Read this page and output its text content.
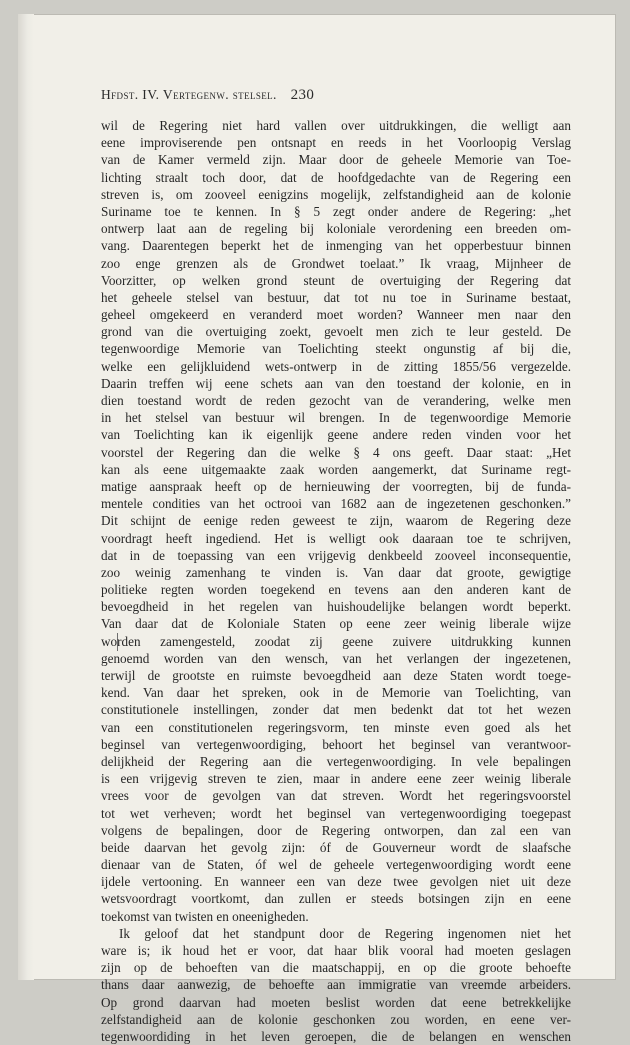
Hfdst. IV. Vertegenw. stelsel. 230
wil de Regering niet hard vallen over uitdrukkingen, die welligt aan
eene improviserende pen ontsnapt en reeds in het Voorloopig Verslag
van de Kamer vermeld zijn. Maar door de geheele Memorie van Toe-
lichting straalt toch door, dat de hoofdgedachte van de Regering een
streven is, om zooveel eenigzins mogelijk, zelfstandigheid aan de kolonie
Suriname toe te kennen. In § 5 zegt onder andere de Regering: „het
ontwerp laat aan de regeling bij koloniale verordening een breeden om-
vang. Daarentegen beperkt het de inmenging van het opperbestuur binnen
zoo enge grenzen als de Grondwet toelaat.” Ik vraag, Mijnheer de
Voorzitter, op welken grond steunt de overtuiging der Regering dat
het geheele stelsel van bestuur, dat tot nu toe in Suriname bestaat,
geheel omgekeerd en veranderd moet worden? Wanneer men naar den
grond van die overtuiging zoekt, gevoelt men zich te leur gesteld. De
tegenwoordige Memorie van Toelichting steekt ongunstig af bij die,
welke een gelijkluidend wets-ontwerp in de zitting 1855/56 vergezelde.
Daarin treffen wij eene schets aan van den toestand der kolonie, en in
dien toestand wordt de reden gezocht van de verandering, welke men
in het stelsel van bestuur wil brengen. In de tegenwoordige Memorie
van Toelichting kan ik eigenlijk geene andere reden vinden voor het
voorstel der Regering dan die welke § 4 ons geeft. Daar staat: „Het
kan als eene uitgemaakte zaak worden aangemerkt, dat Suriname regt-
matige aanspraak heeft op de hernieuwing der voorregten, bij de funda-
mentele condities van het octrooi van 1682 aan de ingezetenen geschonken.”
Dit schijnt de eenige reden geweest te zijn, waarom de Regering deze
voordragt heeft ingediend. Het is welligt ook daaraan toe te schrijven,
dat in de toepassing van een vrijgevig denkbeeld zooveel inconsequentie,
zoo weinig zamenhang te vinden is. Van daar dat groote, gewigtige
politieke regten worden toegekend en tevens aan den anderen kant de
bevoegdheid in het regelen van huishoudelijke belangen wordt beperkt.
Van daar dat de Koloniale Staten op eene zeer weinig liberale wijze
worden zamengesteld, zoodat zij geene zuivere uitdrukking kunnen
genoemd worden van den wensch, van het verlangen der ingezetenen,
terwijl de grootste en ruimste bevoegdheid aan deze Staten wordt toege-
kend. Van daar het spreken, ook in de Memorie van Toelichting, van
constitutionele instellingen, zonder dat men bedenkt dat tot het wezen
van een constitutionelen regeringsvorm, ten minste even goed als het
beginsel van vertegenwoordiging, behoort het beginsel van verantwoor-
delijkheid der Regering aan die vertegenwoordiging. In vele bepalingen
is een vrijgevig streven te zien, maar in andere eene zeer weinig liberale
vrees voor de gevolgen van dat streven. Wordt het regeringsvoorstel
tot wet verheven; wordt het beginsel van vertegenwoordiging toegepast
volgens de bepalingen, door de Regering ontworpen, dan zal een van
beide daarvan het gevolg zijn: óf de Gouverneur wordt de slaafsche
dienaar van de Staten, óf wel de geheele vertegenwoordiging wordt eene
ijdele vertooning. En wanneer een van deze twee gevolgen niet uit deze
wetsvoordragt voortkomt, dan zullen er steeds botsingen zijn en eene
toekomst van twisten en oneenigheden.
Ik geloof dat het standpunt door de Regering ingenomen niet het
ware is; ik houd het er voor, dat haar blik vooral had moeten geslagen
zijn op de behoeften van die maatschappij, en op die groote behoefte
thans daar aanwezig, de behoefte aan immigratie van vreemde arbeiders.
Op grond daarvan had moeten beslist worden dat eene betrekkelijke
zelfstandigheid aan de kolonie geschonken zou worden, en eene ver-
tegenwoordiding in het leven geroepen, die de belangen en wenschen
